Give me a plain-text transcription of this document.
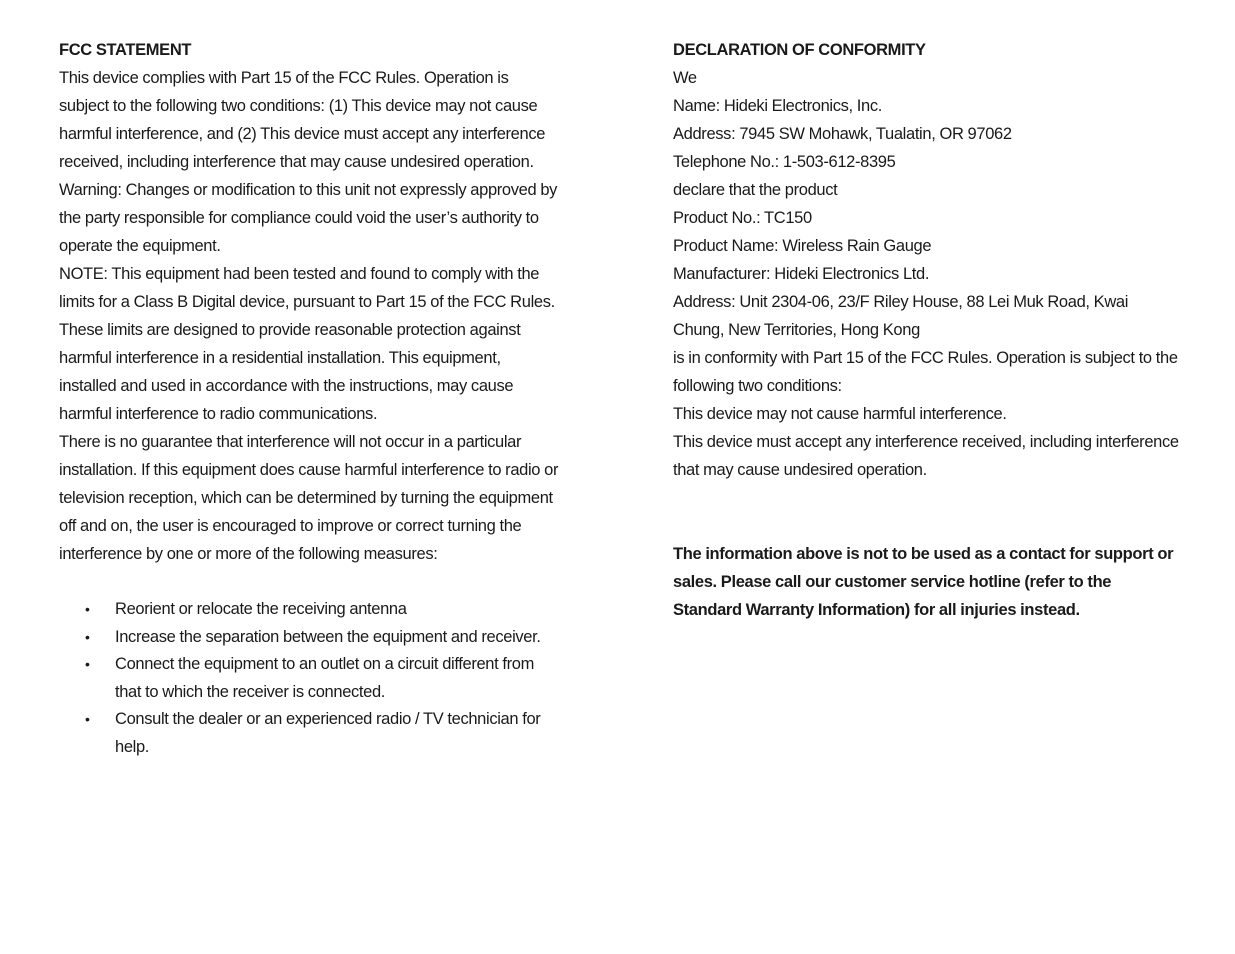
FCC STATEMENT

This device complies with Part 15 of the FCC Rules. Operation is subject to the following two conditions: (1) This device may not cause harmful interference, and (2) This device must accept any interference received, including interference that may cause undesired operation.

Warning: Changes or modification to this unit not expressly approved by the party responsible for compliance could void the user’s authority to operate the equipment.

NOTE: This equipment had been tested and found to comply with the limits for a Class B Digital device, pursuant to Part 15 of the FCC Rules. These limits are designed to provide reasonable protection against harmful interference in a residential installation. This equipment, installed and used in accordance with the instructions, may cause harmful interference to radio communications.

There is no guarantee that interference will not occur in a particular installation. If this equipment does cause harmful interference to radio or television reception, which can be determined by turning the equipment off and on, the user is encouraged to improve or correct turning the interference by one or more of the following measures:

• Reorient or relocate the receiving antenna
• Increase the separation between the equipment and receiver.
• Connect the equipment to an outlet on a circuit different from that to which the receiver is connected.
• Consult the dealer or an experienced radio / TV technician for help.

DECLARATION OF CONFORMITY

We

Name: Hideki Electronics, Inc.

Address: 7945 SW Mohawk, Tualatin, OR 97062

Telephone No.: 1-503-612-8395

declare that the product

Product No.: TC150

Product Name: Wireless Rain Gauge

Manufacturer: Hideki Electronics Ltd.

Address: Unit 2304-06, 23/F Riley House, 88 Lei Muk Road, Kwai Chung, New Territories, Hong Kong

is in conformity with Part 15 of the FCC Rules. Operation is subject to the following two conditions:

This device may not cause harmful interference.

This device must accept any interference received, including interference that may cause undesired operation.

The information above is not to be used as a contact for support or sales. Please call our customer service hotline (refer to the Standard Warranty Information) for all injuries instead.
